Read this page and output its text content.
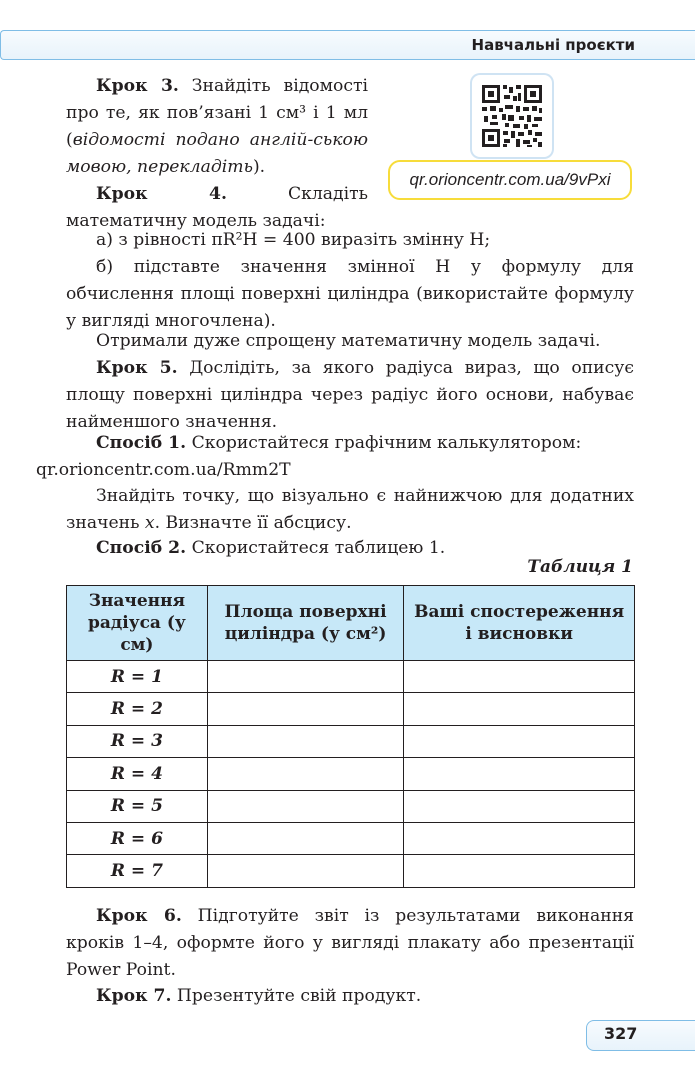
Навчальні проєкти
qr.orioncentr.com.ua/9vPxi
Крок 3. Знайдіть відомості про те, як пов’язані 1 см³ і 1 мл (відомості подано англій-ською мовою, перекладіть).
Крок 4. Складіть математичну модель задачі:
а) з рівності πR²H = 400 виразіть змінну H;
б) підставте значення змінної H у формулу для обчислення площі поверхні циліндра (використайте формулу у вигляді многочлена).
Отримали дуже спрощену математичну модель задачі.
Крок 5. Дослідіть, за якого радіуса вираз, що описує площу поверхні циліндра через радіус його основи, набуває найменшого значення.
Спосіб 1. Скористайтеся графічним калькулятором:
qr.orioncentr.com.ua/Rmm2T
Знайдіть точку, що візуально є найнижчою для додатних значень x. Визначте її абсцису.
Спосіб 2. Скористайтеся таблицею 1.
Таблиця 1
Значення радіуса (у см)	Площа поверхні циліндра (у см²)	Ваші спостереження і висновки
R = 1		
R = 2		
R = 3		
R = 4		
R = 5		
R = 6		
R = 7		
Крок 6. Підготуйте звіт із результатами виконання кроків 1–4, оформте його у вигляді плакату або презентації Power Point.
Крок 7. Презентуйте свій продукт.
327
